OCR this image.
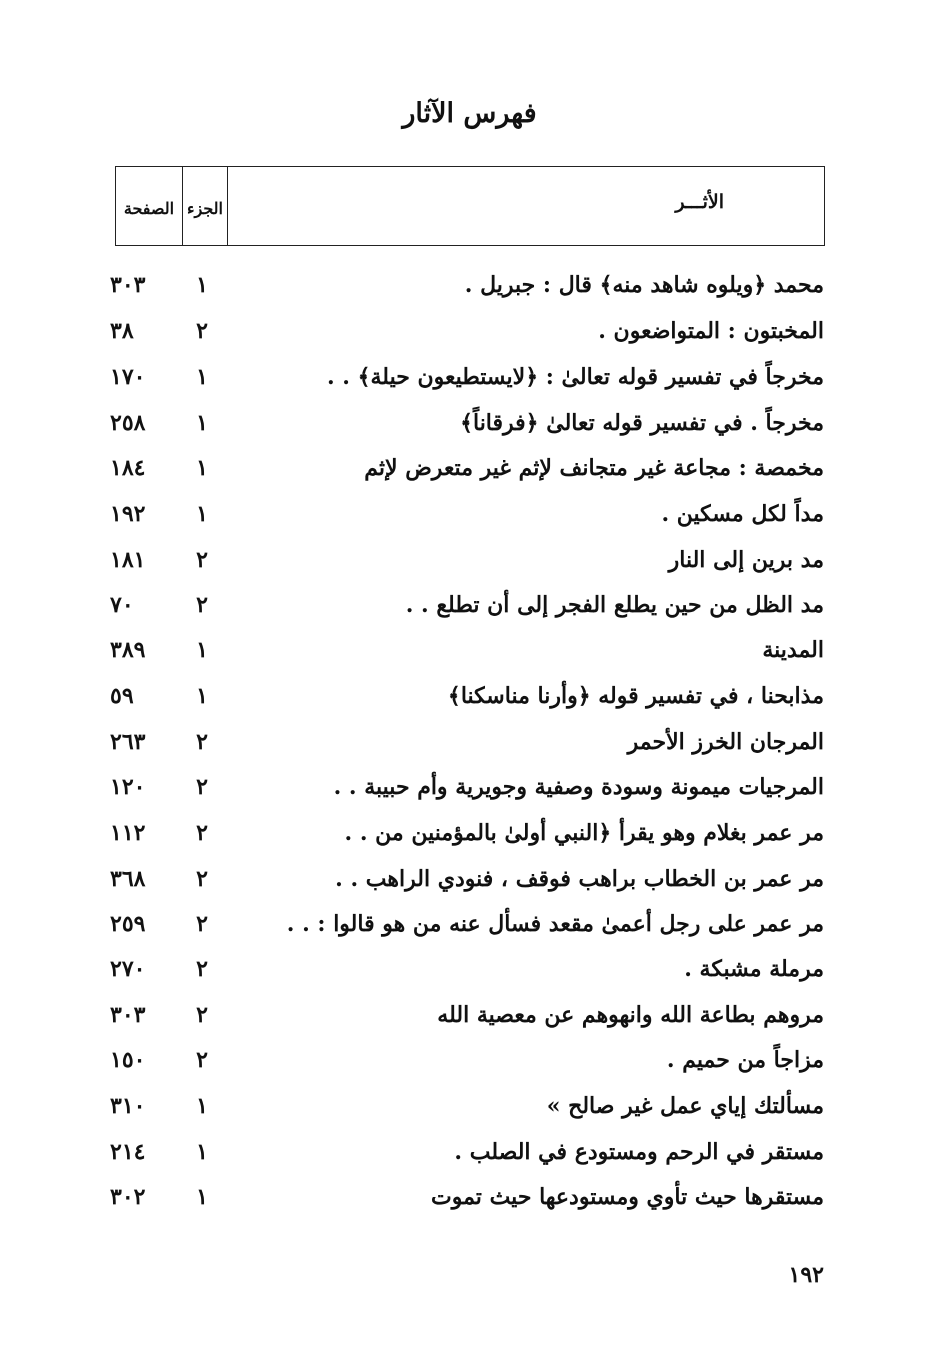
فهرس الآثار
الصفحة الجزء	الأثـــر
محمد ﴿ويلوه شاهد منه﴾ قال : جبريل .
١
٣٠٣
المخبتون : المتواضعون .
٢
٣٨
مخرجاً في تفسير قوله تعالىٰ : ﴿لايستطيعون حيلة﴾ . .
١
١٧٠
مخرجاً . في تفسير قوله تعالىٰ ﴿فرقاناً﴾
١
٢٥٨
مخمصة : مجاعة غير متجانف لإثم غير متعرض لإثم
١
١٨٤
مداً لكل مسكين .
١
١٩٢
مد برين إلى النار
٢
١٨١
مد الظل من حين يطلع الفجر إلى أن تطلع . .
٢
٧٠
المدينة
١
٣٨٩
مذابحنا ، في تفسير قوله ﴿وأرنا مناسكنا﴾
١
٥٩
المرجان الخرز الأحمر
٢
٢٦٣
المرجيات ميمونة وسودة وصفية وجويرية وأم حبيبة . .
٢
١٢٠
مر عمر بغلام وهو يقرأ ﴿النبي أولىٰ بالمؤمنين من . .
٢
١١٢
مر عمر بن الخطاب براهب فوقف ، فنودي الراهب . .
٢
٣٦٨
مر عمر على رجل أعمىٰ مقعد فسأل عنه من هو قالوا : . .
٢
٢٥٩
مرملة مشبكة .
٢
٢٧٠
مروهم بطاعة الله وانهوهم عن معصية الله
٢
٣٠٣
مزاجاً من حميم .
٢
١٥٠
مسألتك إياي عمل غير صالح »
١
٣١٠
مستقر في الرحم ومستودع في الصلب .
١
٢١٤
مستقرها حيث تأوي ومستودعها حيث تموت
١
٣٠٢
١٩٢
